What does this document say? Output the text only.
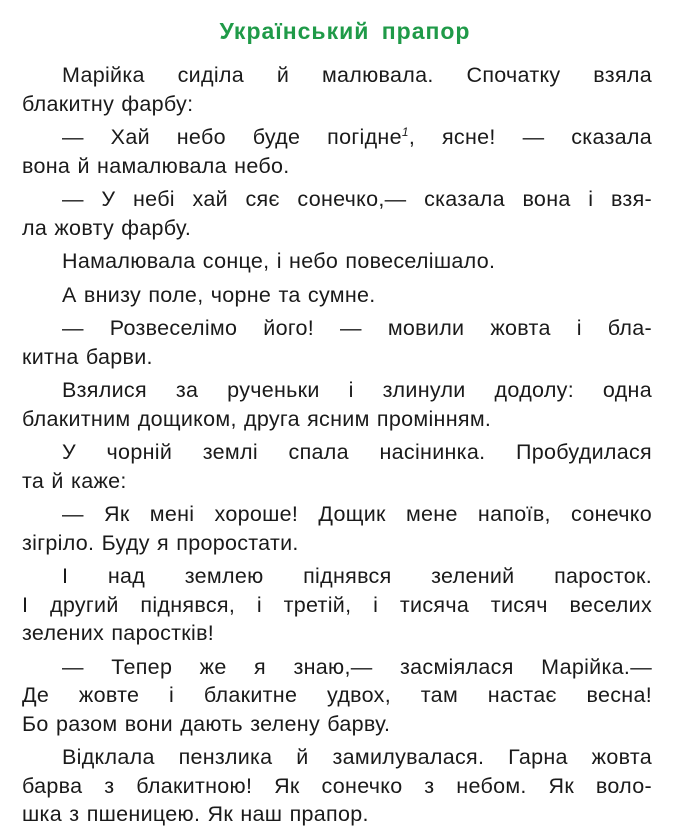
Український прапор
Марійка сиділа й малювала. Спочатку взяла
блакитну фарбу:
— Хай небо буде погідне$^1$, ясне! — сказала
вона й намалювала небо.
— У небі хай сяє сонечко,— сказала вона і взя-
ла жовту фарбу.
Намалювала сонце, і небо повеселішало.
А внизу поле, чорне та сумне.
— Розвеселімо його! — мовили жовта і бла-
китна барви.
Взялися за рученьки і злинули додолу: одна
блакитним дощиком, друга ясним промінням.
У чорній землі спала насінинка. Пробудилася
та й каже:
— Як мені хороше! Дощик мене напоїв, сонечко
зігріло. Буду я проростати.
І над землею піднявся зелений паросток.
І другий піднявся, і третій, і тисяча тисяч веселих
зелених паростків!
— Тепер же я знаю,— засміялася Марійка.—
Де жовте і блакитне удвох, там настає весна!
Бо разом вони дають зелену барву.
Відклала пензлика й замилувалася. Гарна жовта
барва з блакитною! Як сонечко з небом. Як воло-
шка з пшеницею. Як наш прапор.
